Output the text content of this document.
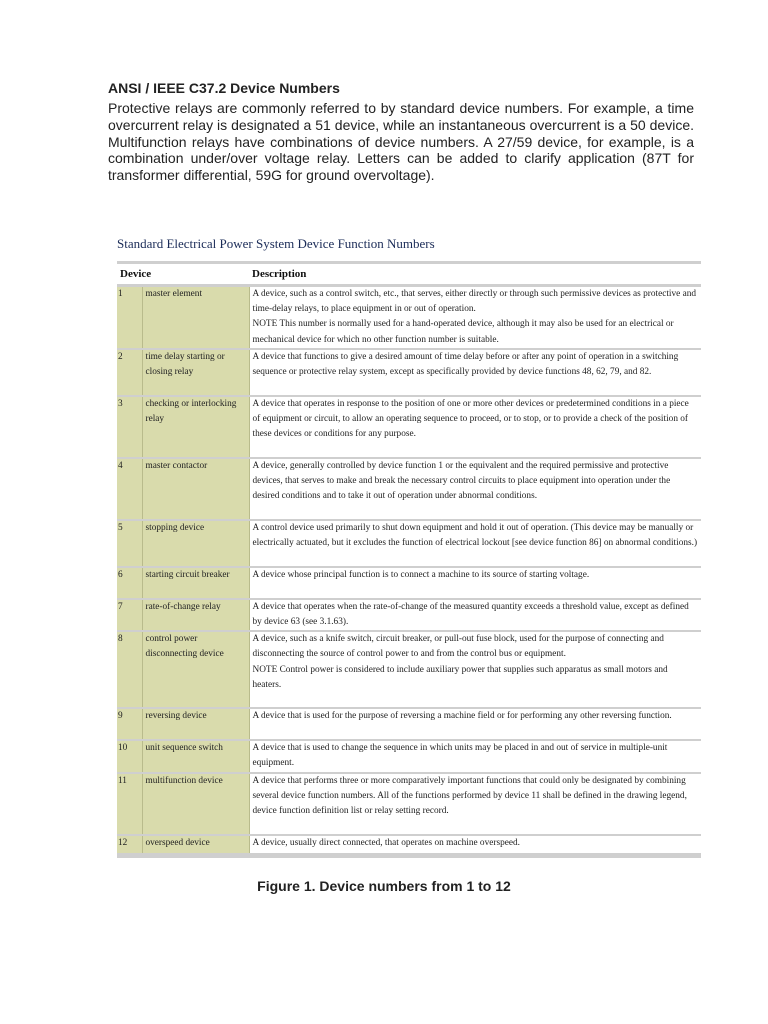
ANSI / IEEE C37.2 Device Numbers
Protective relays are commonly referred to by standard device numbers. For example, a time overcurrent relay is designated a 51 device, while an instantaneous overcurrent is a 50 device. Multifunction relays have combinations of device numbers. A 27/59 device, for example, is a combination under/over voltage relay. Letters can be added to clarify application (87T for transformer differential, 59G for ground overvoltage).
Standard Electrical Power System Device Function Numbers
Device		Description
1	master element	A device, such as a control switch, etc., that serves, either directly or through such permissive devices as protective and time-delay relays, to place equipment in or out of operation.
NOTE This number is normally used for a hand-operated device, although it may also be used for an electrical or mechanical device for which no other function number is suitable.

2	time delay starting or closing relay	A device that functions to give a desired amount of time delay before or after any point of operation in a switching sequence or protective relay system, except as specifically provided by device functions 48, 62, 79, and 82.
3	checking or interlocking relay	A device that operates in response to the position of one or more other devices or predetermined conditions in a piece of equipment or circuit, to allow an operating sequence to proceed, or to stop, or to provide a check of the position of these devices or conditions for any purpose.
4	master contactor	A device, generally controlled by device function 1 or the equivalent and the required permissive and protective devices, that serves to make and break the necessary control circuits to place equipment into operation under the desired conditions and to take it out of operation under abnormal conditions.
5	stopping device	A control device used primarily to shut down equipment and hold it out of operation. (This device may be manually or electrically actuated, but it excludes the function of electrical lockout [see device function 86] on abnormal conditions.)
6	starting circuit breaker	A device whose principal function is to connect a machine to its source of starting voltage.
7	rate-of-change relay	A device that operates when the rate-of-change of the measured quantity exceeds a threshold value, except as defined by device 63 (see 3.1.63).
8	control power disconnecting device	A device, such as a knife switch, circuit breaker, or pull-out fuse block, used for the purpose of connecting and disconnecting the source of control power to and from the control bus or equipment.
NOTE Control power is considered to include auxiliary power that supplies such apparatus as small motors and heaters.

9	reversing device	A device that is used for the purpose of reversing a machine field or for performing any other reversing function.
10	unit sequence switch	A device that is used to change the sequence in which units may be placed in and out of service in multiple-unit equipment.
11	multifunction device	A device that performs three or more comparatively important functions that could only be designated by combining several device function numbers. All of the functions performed by device 11 shall be defined in the drawing legend, device function definition list or relay setting record.
12	overspeed device	A device, usually direct connected, that operates on machine overspeed.
Figure 1. Device numbers from 1 to 12
